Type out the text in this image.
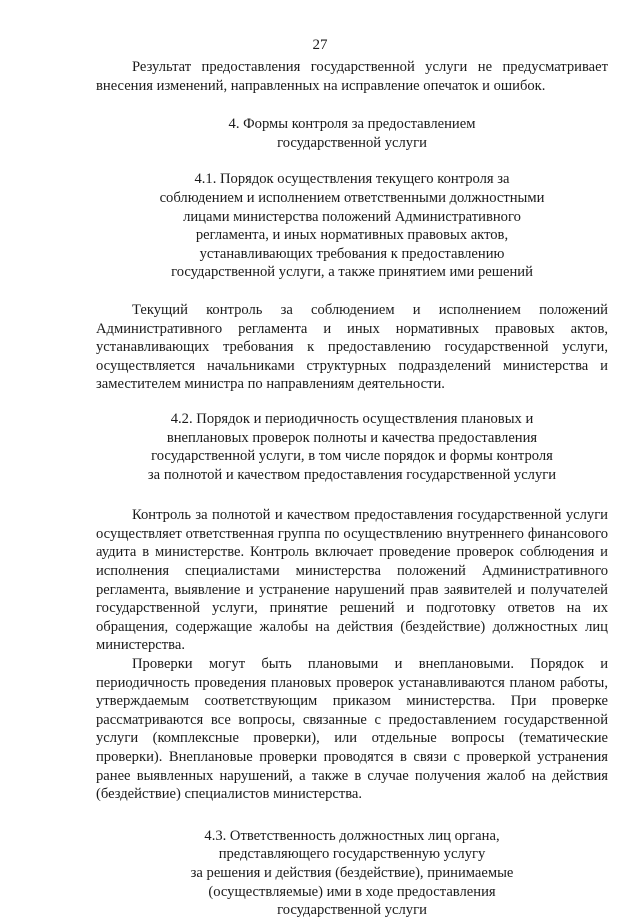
27

Результат предоставления государственной услуги не предусматривает внесения изменений, направленных на исправление опечаток и ошибок.

4. Формы контроля за предоставлением
государственной услуги
4.1. Порядок осуществления текущего контроля за
соблюдением и исполнением ответственными должностными
лицами министерства положений Административного
регламента, и иных нормативных правовых актов,
устанавливающих требования к предоставлению
государственной услуги, а также принятием ими решений

Текущий контроль за соблюдением и исполнением положений Административного регламента и иных нормативных правовых актов, устанавливающих требования к предоставлению государственной услуги, осуществляется начальниками структурных подразделений министерства и заместителем министра по направлениям деятельности.

4.2. Порядок и периодичность осуществления плановых и
внеплановых проверок полноты и качества предоставления
государственной услуги, в том числе порядок и формы контроля
за полнотой и качеством предоставления государственной услуги

Контроль за полнотой и качеством предоставления государственной услуги осуществляет ответственная группа по осуществлению внутреннего финансового аудита в министерстве. Контроль включает проведение проверок соблюдения и исполнения специалистами министерства положений Административного регламента, выявление и устранение нарушений прав заявителей и получателей государственной услуги, принятие решений и подготовку ответов на их обращения, содержащие жалобы на действия (бездействие) должностных лиц министерства.

Проверки могут быть плановыми и внеплановыми. Порядок и периодичность проведения плановых проверок устанавливаются планом работы, утверждаемым соответствующим приказом министерства. При проверке рассматриваются все вопросы, связанные с предоставлением государственной услуги (комплексные проверки), или отдельные вопросы (тематические проверки). Внеплановые проверки проводятся в связи с проверкой устранения ранее выявленных нарушений, а также в случае получения жалоб на действия (бездействие) специалистов министерства.

4.3. Ответственность должностных лиц органа,
представляющего государственную услугу
за решения и действия (бездействие), принимаемые
(осуществляемые) ими в ходе предоставления
государственной услуги
